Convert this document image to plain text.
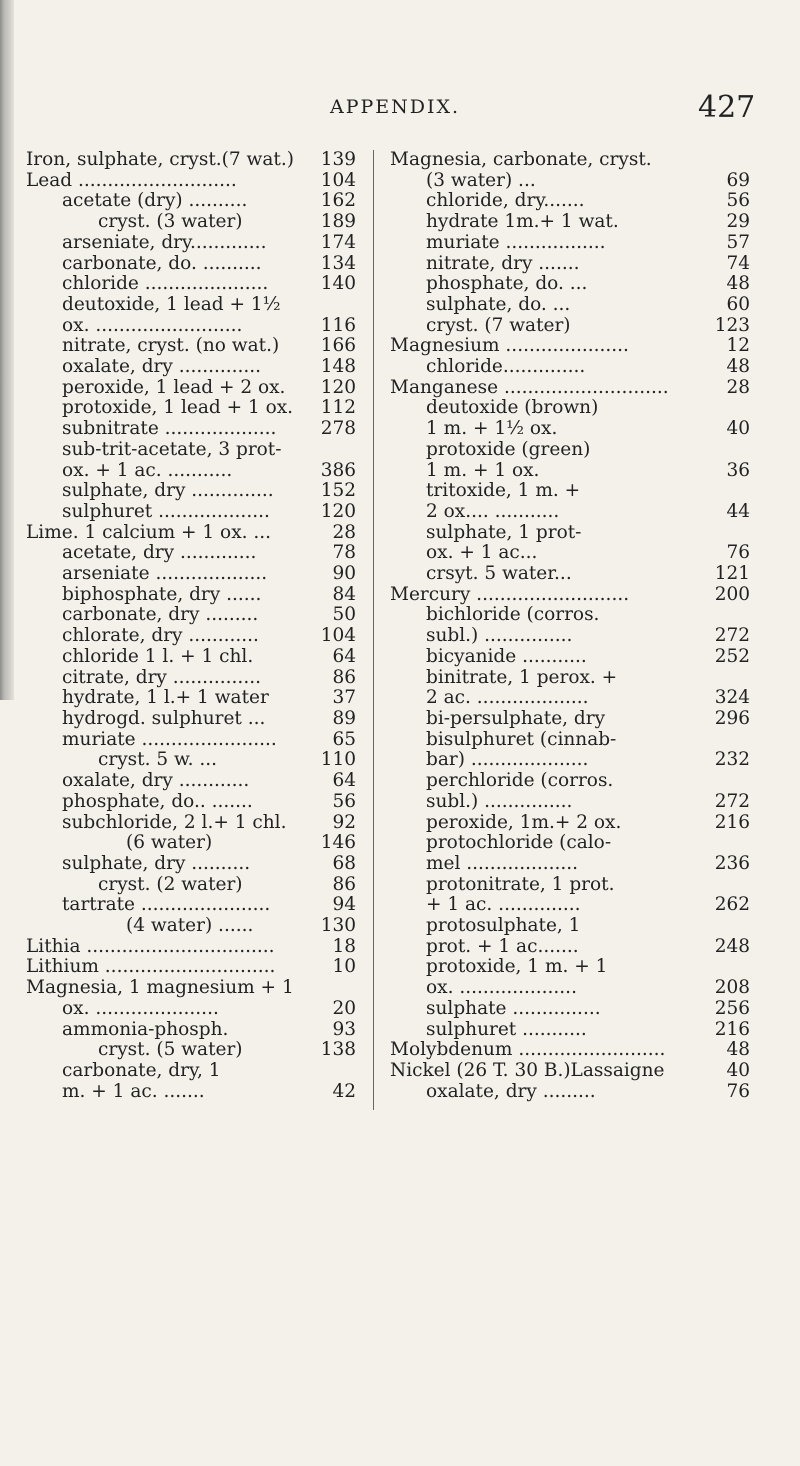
APPENDIX.	427
Iron, sulphate, cryst.(7 wat.)	139
Lead ...........................	104
acetate (dry) ..........	162
cryst. (3 water)	189
arseniate, dry.............	174
carbonate, do. ..........	134
chloride .....................	140
deutoxide, 1 lead + 1½
ox. .........................	116
nitrate, cryst. (no wat.)	166
oxalate, dry ..............	148
peroxide, 1 lead + 2 ox.	120
protoxide, 1 lead + 1 ox.	112
subnitrate ...................	278
sub-trit-acetate, 3 prot-
ox. + 1 ac. ...........	386
sulphate, dry ..............	152
sulphuret ...................	120
Lime. 1 calcium + 1 ox. ...	28
acetate, dry .............	78
arseniate ...................	90
biphosphate, dry ......	84
carbonate, dry .........	50
chlorate, dry ............	104
chloride 1 l. + 1 chl.	64
citrate, dry ...............	86
hydrate, 1 l.+ 1 water	37
hydrogd. sulphuret ...	89
muriate .......................	65
cryst. 5 w. ...	110
oxalate, dry ............	64
phosphate, do.. .......	56
subchloride, 2 l.+ 1 chl.	92
(6 water)	146
sulphate, dry ..........	68
cryst. (2 water)	86
tartrate ......................	94
(4 water) ......	130
Lithia ................................	18
Lithium .............................	10
Magnesia, 1 magnesium + 1
ox. .....................	20
ammonia-phosph.	93
cryst. (5 water)	138
carbonate, dry, 1
m. + 1 ac. .......	42
Magnesia, carbonate, cryst.
(3 water) ...	69
chloride, dry.......	56
hydrate 1m.+ 1 wat.	29
muriate .................	57
nitrate, dry .......	74
phosphate, do. ...	48
sulphate, do. ...	60
cryst. (7 water)	123
Magnesium .....................	12
chloride..............	48
Manganese ............................	28
deutoxide (brown)
1 m. + 1½ ox.	40
protoxide (green)
1 m. + 1 ox.	36
tritoxide, 1 m. +
2 ox.... ...........	44
sulphate, 1 prot-
ox. + 1 ac...	76
crsyt. 5 water...	121
Mercury ..........................	200
bichloride (corros.
subl.) ...............	272
bicyanide ...........	252
binitrate, 1 perox. +
2 ac. ...................	324
bi-persulphate, dry	296
bisulphuret (cinnab-
bar) ....................	232
perchloride (corros.
subl.) ...............	272
peroxide, 1m.+ 2 ox.	216
protochloride (calo-
mel ...................	236
protonitrate, 1 prot.
+ 1 ac. ..............	262
protosulphate, 1
prot. + 1 ac.......	248
protoxide, 1 m. + 1
ox. ....................	208
sulphate ...............	256
sulphuret ...........	216
Molybdenum .........................	48
Nickel (26 T. 30 B.)Lassaigne	40
oxalate, dry .........	76
